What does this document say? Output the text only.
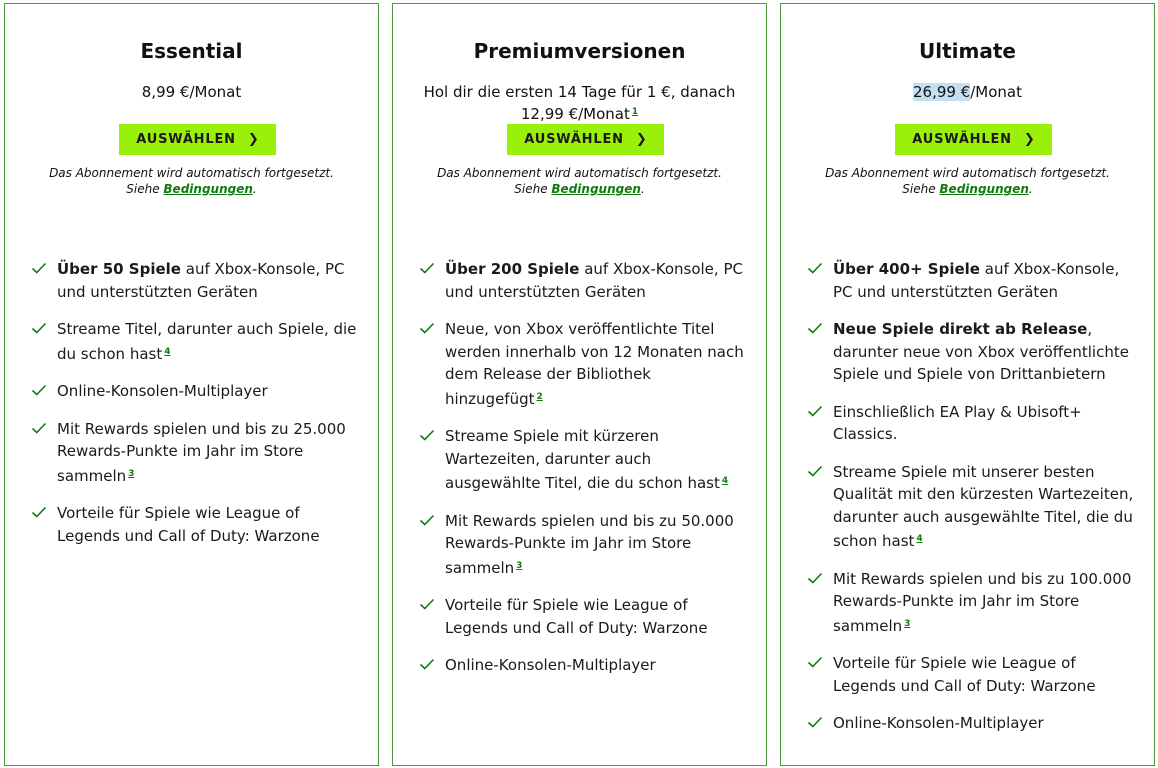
Essential
8,99 €/Monat
AUSWÄHLEN ❯
Das Abonnement wird automatisch fortgesetzt. Siehe Bedingungen.
Über 50 Spiele auf Xbox-Konsole, PC und unterstützten Geräten
Streame Titel, darunter auch Spiele, die du schon hast $^4$
Online-Konsolen-Multiplayer
Mit Rewards spielen und bis zu 25.000 Rewards-Punkte im Jahr im Store sammeln $^3$
Vorteile für Spiele wie League of Legends und Call of Duty: Warzone
Premiumversionen
Hol dir die ersten 14 Tage für 1 €, danach 12,99 €/Monat $^1$
AUSWÄHLEN ❯
Das Abonnement wird automatisch fortgesetzt. Siehe Bedingungen.
Über 200 Spiele auf Xbox-Konsole, PC und unterstützten Geräten
Neue, von Xbox veröffentlichte Titel werden innerhalb von 12 Monaten nach dem Release der Bibliothek hinzugefügt $^2$
Streame Spiele mit kürzeren Wartezeiten, darunter auch ausgewählte Titel, die du schon hast $^4$
Mit Rewards spielen und bis zu 50.000 Rewards-Punkte im Jahr im Store sammeln $^3$
Vorteile für Spiele wie League of Legends und Call of Duty: Warzone
Online-Konsolen-Multiplayer
Ultimate
26,99 €/Monat
AUSWÄHLEN ❯
Das Abonnement wird automatisch fortgesetzt. Siehe Bedingungen.
Über 400+ Spiele auf Xbox-Konsole, PC und unterstützten Geräten
Neue Spiele direkt ab Release, darunter neue von Xbox veröffentlichte Spiele und Spiele von Drittanbietern
Einschließlich EA Play & Ubisoft+ Classics.
Streame Spiele mit unserer besten Qualität mit den kürzesten Wartezeiten, darunter auch ausgewählte Titel, die du schon hast $^4$
Mit Rewards spielen und bis zu 100.000 Rewards-Punkte im Jahr im Store sammeln $^3$
Vorteile für Spiele wie League of Legends und Call of Duty: Warzone
Online-Konsolen-Multiplayer
